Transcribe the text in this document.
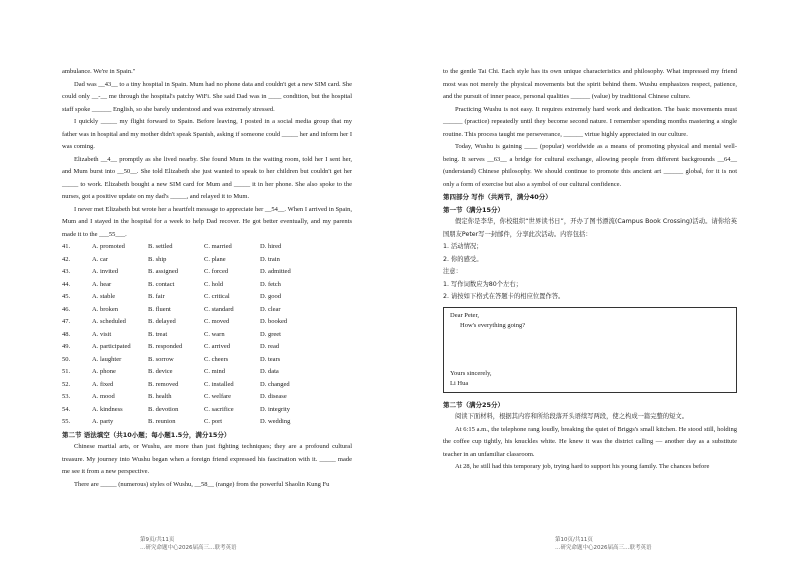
ambulance. We're in Spain."

Dad was __43__ to a tiny hospital in Spain. Mum had no phone data and couldn't get a new SIM card. She could only __-__ me through the hospital's patchy WiFi. She said Dad was in ____ condition, but the hospital staff spoke ______ English, so she barely understood and was extremely stressed.

I quickly _____ my flight forward to Spain. Before leaving, I posted in a social media group that my father was in hospital and my mother didn't speak Spanish, asking if someone could _____ her and inform her I was coming.

Elizabeth __4__ promptly as she lived nearby. She found Mum in the waiting room, told her I sent her, and Mum burst into __50__. She told Elizabeth she just wanted to speak to her children but couldn't get her _____ to work. Elizabeth bought a new SIM card for Mum and _____ it in her phone. She also spoke to the nurses, got a positive update on my dad's _____, and relayed it to Mum.

I never met Elizabeth but wrote her a heartfelt message to appreciate her __54__. When I arrived in Spain, Mum and I stayed in the hospital for a week to help Dad recover. He got better eventually, and my parents made it to the ___55___.

41.	A. promoted	B. settled	C. married	D. hired
42.	A. car	B. ship	C. plane	D. train
43.	A. invited	B. assigned	C. forced	D. admitted
44.	A. hear	B. contact	C. hold	D. fetch
45.	A. stable	B. fair	C. critical	D. good
46.	A. broken	B. fluent	C. standard	D. clear
47.	A. scheduled	B. delayed	C. moved	D. booked
48.	A. visit	B. treat	C. warn	D. greet
49.	A. participated	B. responded	C. arrived	D. read
50.	A. laughter	B. sorrow	C. cheers	D. tears
51.	A. phone	B. device	C. mind	D. data
52.	A. fixed	B. removed	C. installed	D. changed
53.	A. mood	B. health	C. welfare	D. disease
54.	A. kindness	B. devotion	C. sacrifice	D. integrity
55.	A. party	B. reunion	C. port	D. wedding

第二节 语法填空（共10小题；每小题1.5分，满分15分）

Chinese martial arts, or Wushu, are more than just fighting techniques; they are a profound cultural treasure. My journey into Wushu began when a foreign friend expressed his fascination with it. _____ made me see it from a new perspective.

There are _____ (numerous) styles of Wushu, __58__ (range) from the powerful Shaolin Kung Fu

to the gentle Tai Chi. Each style has its own unique characteristics and philosophy. What impressed my friend most was not merely the physical movements but the spirit behind them. Wushu emphasizes respect, patience, and the pursuit of inner peace, personal qualities ______ (value) by traditional Chinese culture.

Practicing Wushu is not easy. It requires extremely hard work and dedication. The basic movements must ______ (practice) repeatedly until they become second nature. I remember spending months mastering a single routine. This process taught me perseverance, ______ virtue highly appreciated in our culture.

Today, Wushu is gaining ____ (popular) worldwide as a means of promoting physical and mental well-being. It serves __63__ a bridge for cultural exchange, allowing people from different backgrounds __64__ (understand) Chinese philosophy. We should continue to promote this ancient art ______ global, for it is not only a form of exercise but also a symbol of our cultural confidence.

第四部分 写作（共两节，满分40分）

第一节（满分15分）

假定你是李华，你校组织“世界读书日”，开办了图书漂流(Campus Book Crossing)活动。请你给英国朋友Peter写一封邮件，分享此次活动。内容包括：

1. 活动情况；

2. 你的感受。

注意：

1. 写作词数应为80个左右；

2. 请按如下格式在答题卡的相应位置作答。

Dear Peter,
How's everything going?
Yours sincerely,
Li Hua

第二节（满分25分）

阅读下面材料，根据其内容和所给段落开头语续写两段，使之构成一篇完整的短文。

At 6:15 a.m., the telephone rang loudly, breaking the quiet of Briggs's small kitchen. He stood still, holding the coffee cup tightly, his knuckles white. He knew it was the district calling — another day as a substitute teacher in an unfamiliar classroom.

At 28, he still had this temporary job, trying hard to support his young family. The chances before

第9页/共11页
…研究命题中心2026届高三…联考英语
第10页/共11页
…研究命题中心2026届高三…联考英语
